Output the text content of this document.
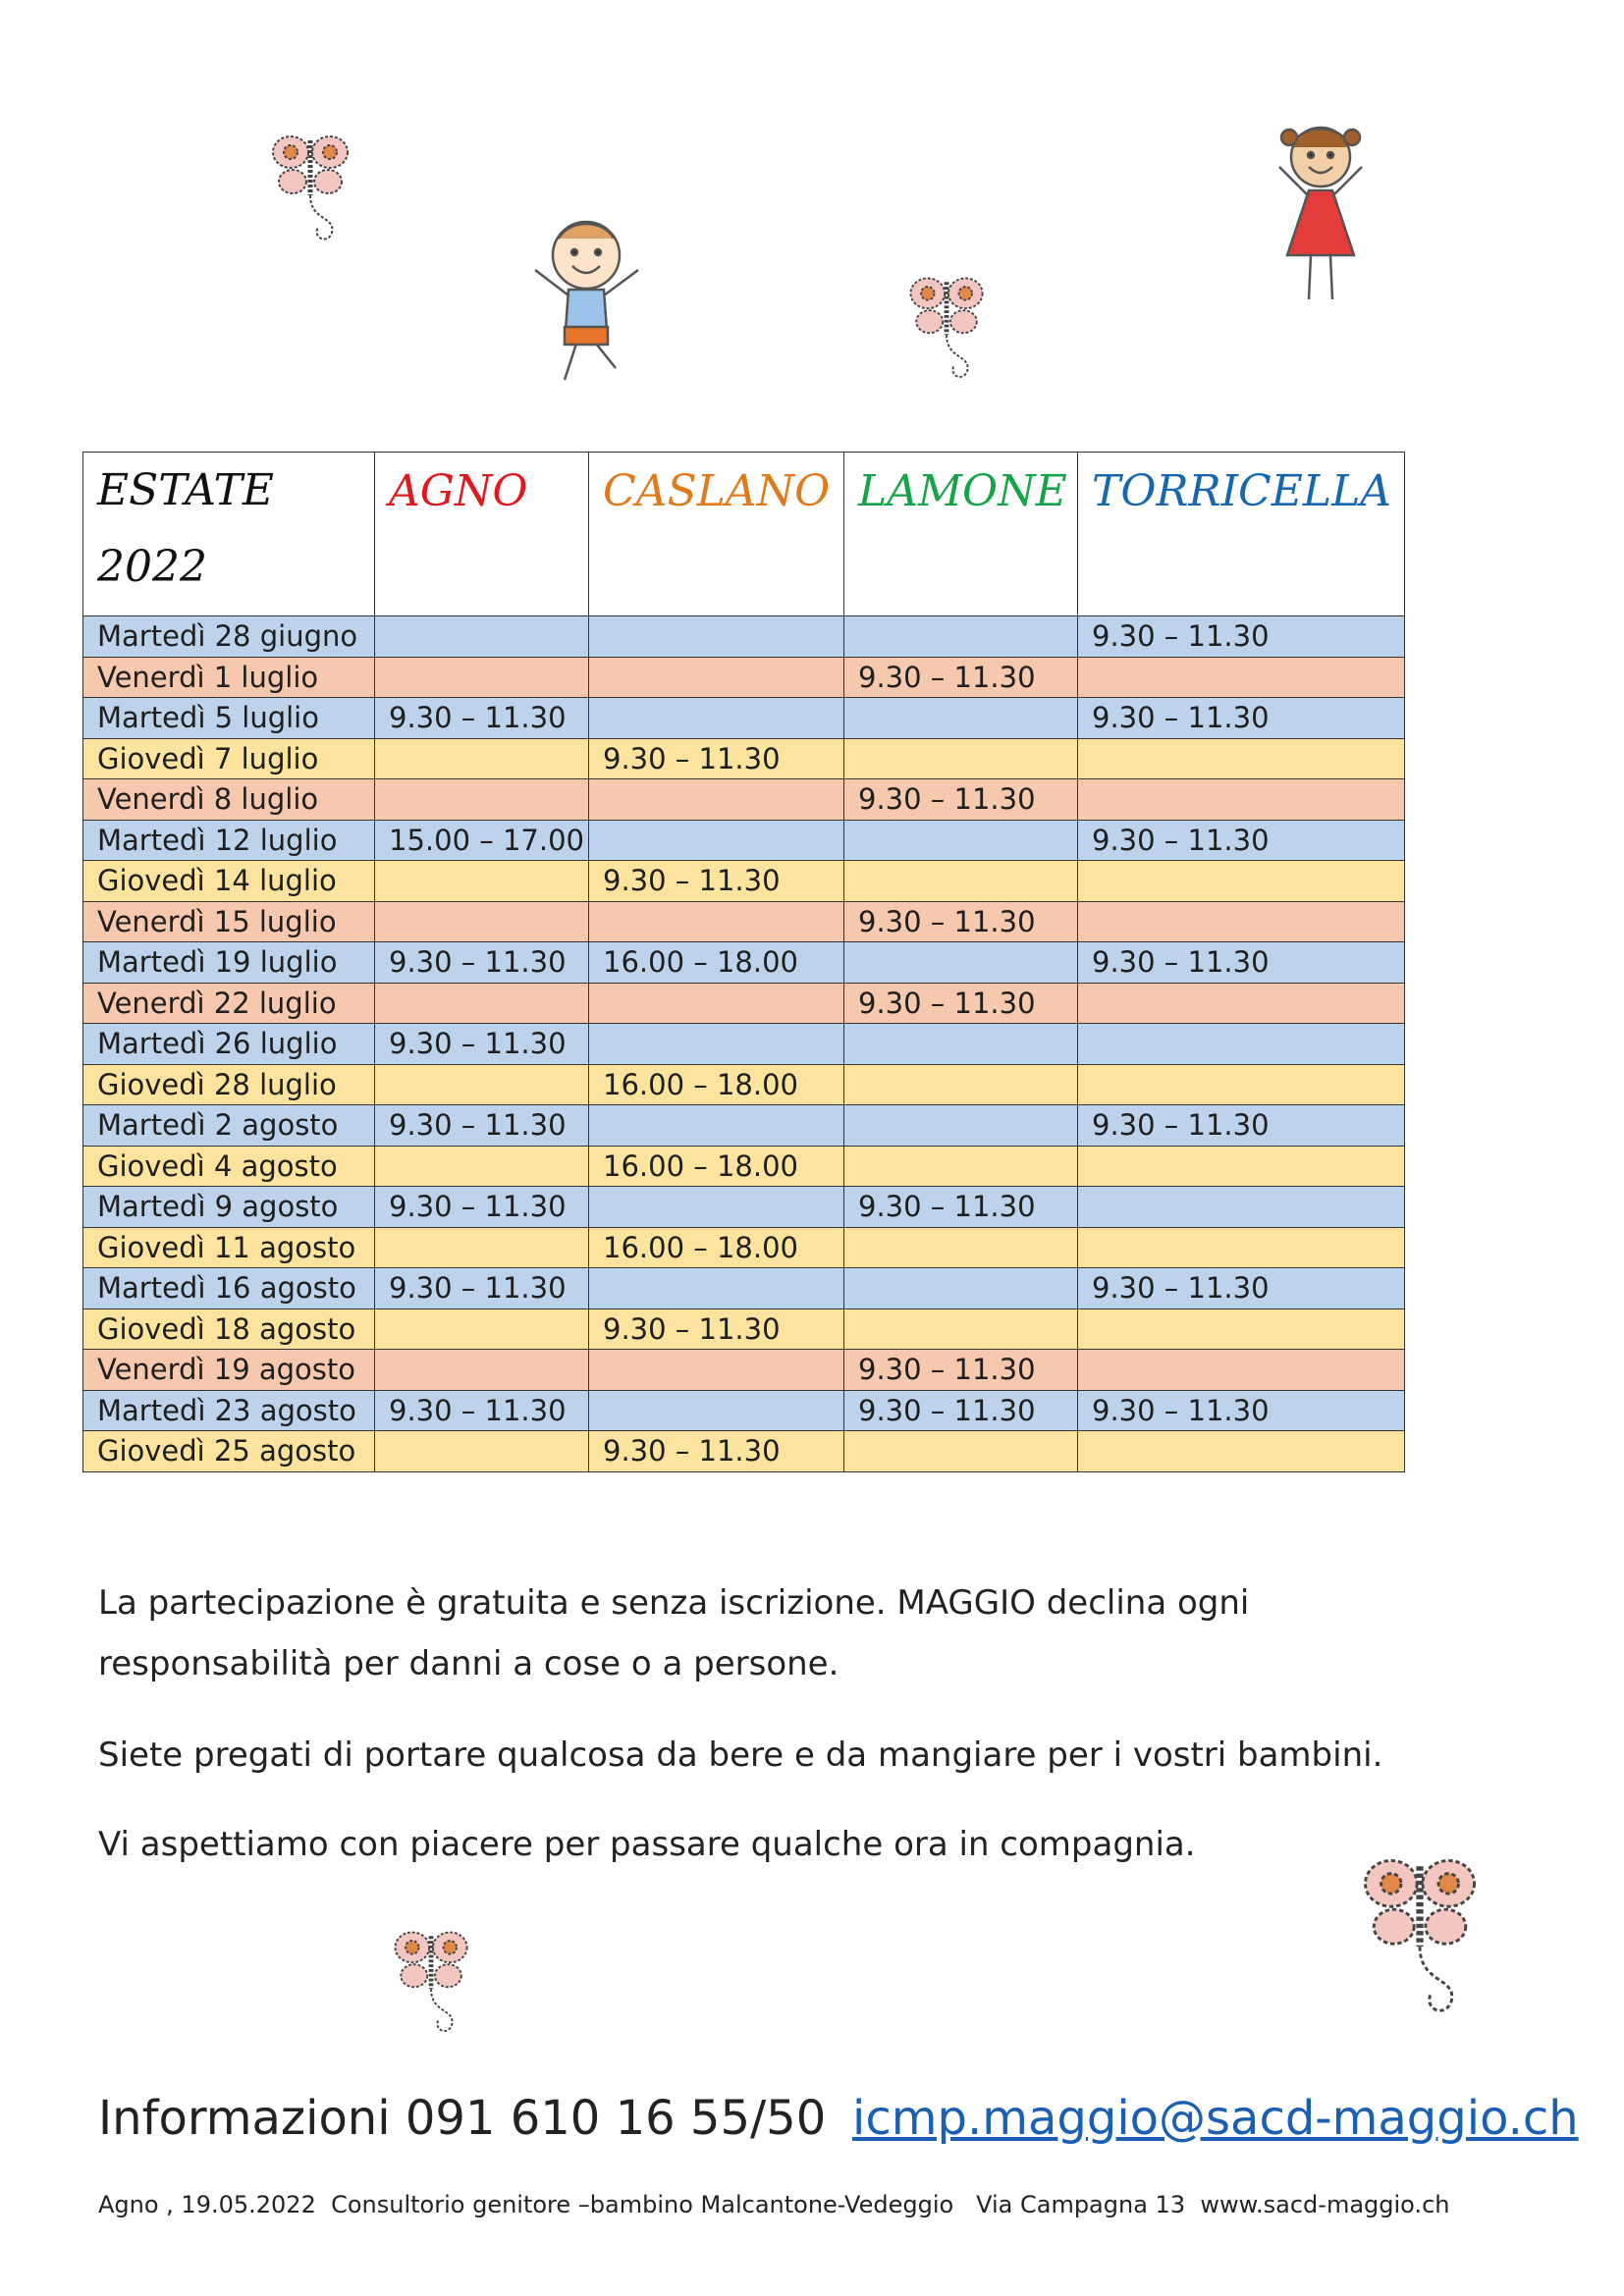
ESTATE 2022	AGNO	CASLANO	LAMONE	TORRICELLA
Martedì 28 giugno				9.30 – 11.30
Venerdì 1 luglio			9.30 – 11.30	
Martedì 5 luglio	9.30 – 11.30			9.30 – 11.30
Giovedì 7 luglio		9.30 – 11.30		
Venerdì 8 luglio			9.30 – 11.30	
Martedì 12 luglio	15.00 – 17.00			9.30 – 11.30
Giovedì 14 luglio		9.30 – 11.30		
Venerdì 15 luglio			9.30 – 11.30	
Martedì 19 luglio	9.30 – 11.30	16.00 – 18.00		9.30 – 11.30
Venerdì 22 luglio			9.30 – 11.30	
Martedì 26 luglio	9.30 – 11.30			
Giovedì 28 luglio		16.00 – 18.00		
Martedì 2 agosto	9.30 – 11.30			9.30 – 11.30
Giovedì 4 agosto		16.00 – 18.00		
Martedì 9 agosto	9.30 – 11.30		9.30 – 11.30	
Giovedì 11 agosto		16.00 – 18.00		
Martedì 16 agosto	9.30 – 11.30			9.30 – 11.30
Giovedì 18 agosto		9.30 – 11.30		
Venerdì 19 agosto			9.30 – 11.30	
Martedì 23 agosto	9.30 – 11.30		9.30 – 11.30	9.30 – 11.30
Giovedì 25 agosto		9.30 – 11.30		

La partecipazione è gratuita e senza iscrizione. MAGGIO declina ogni
responsabilità per danni a cose o a persone.

Siete pregati di portare qualcosa da bere e da mangiare per i vostri bambini.

Vi aspettiamo con piacere per passare qualche ora in compagnia.

Informazioni 091 610 16 55/50 icmp.maggio@sacd-maggio.ch
Agno , 19.05.2022  Consultorio genitore –bambino Malcantone-Vedeggio   Via Campagna 13  www.sacd-maggio.ch
